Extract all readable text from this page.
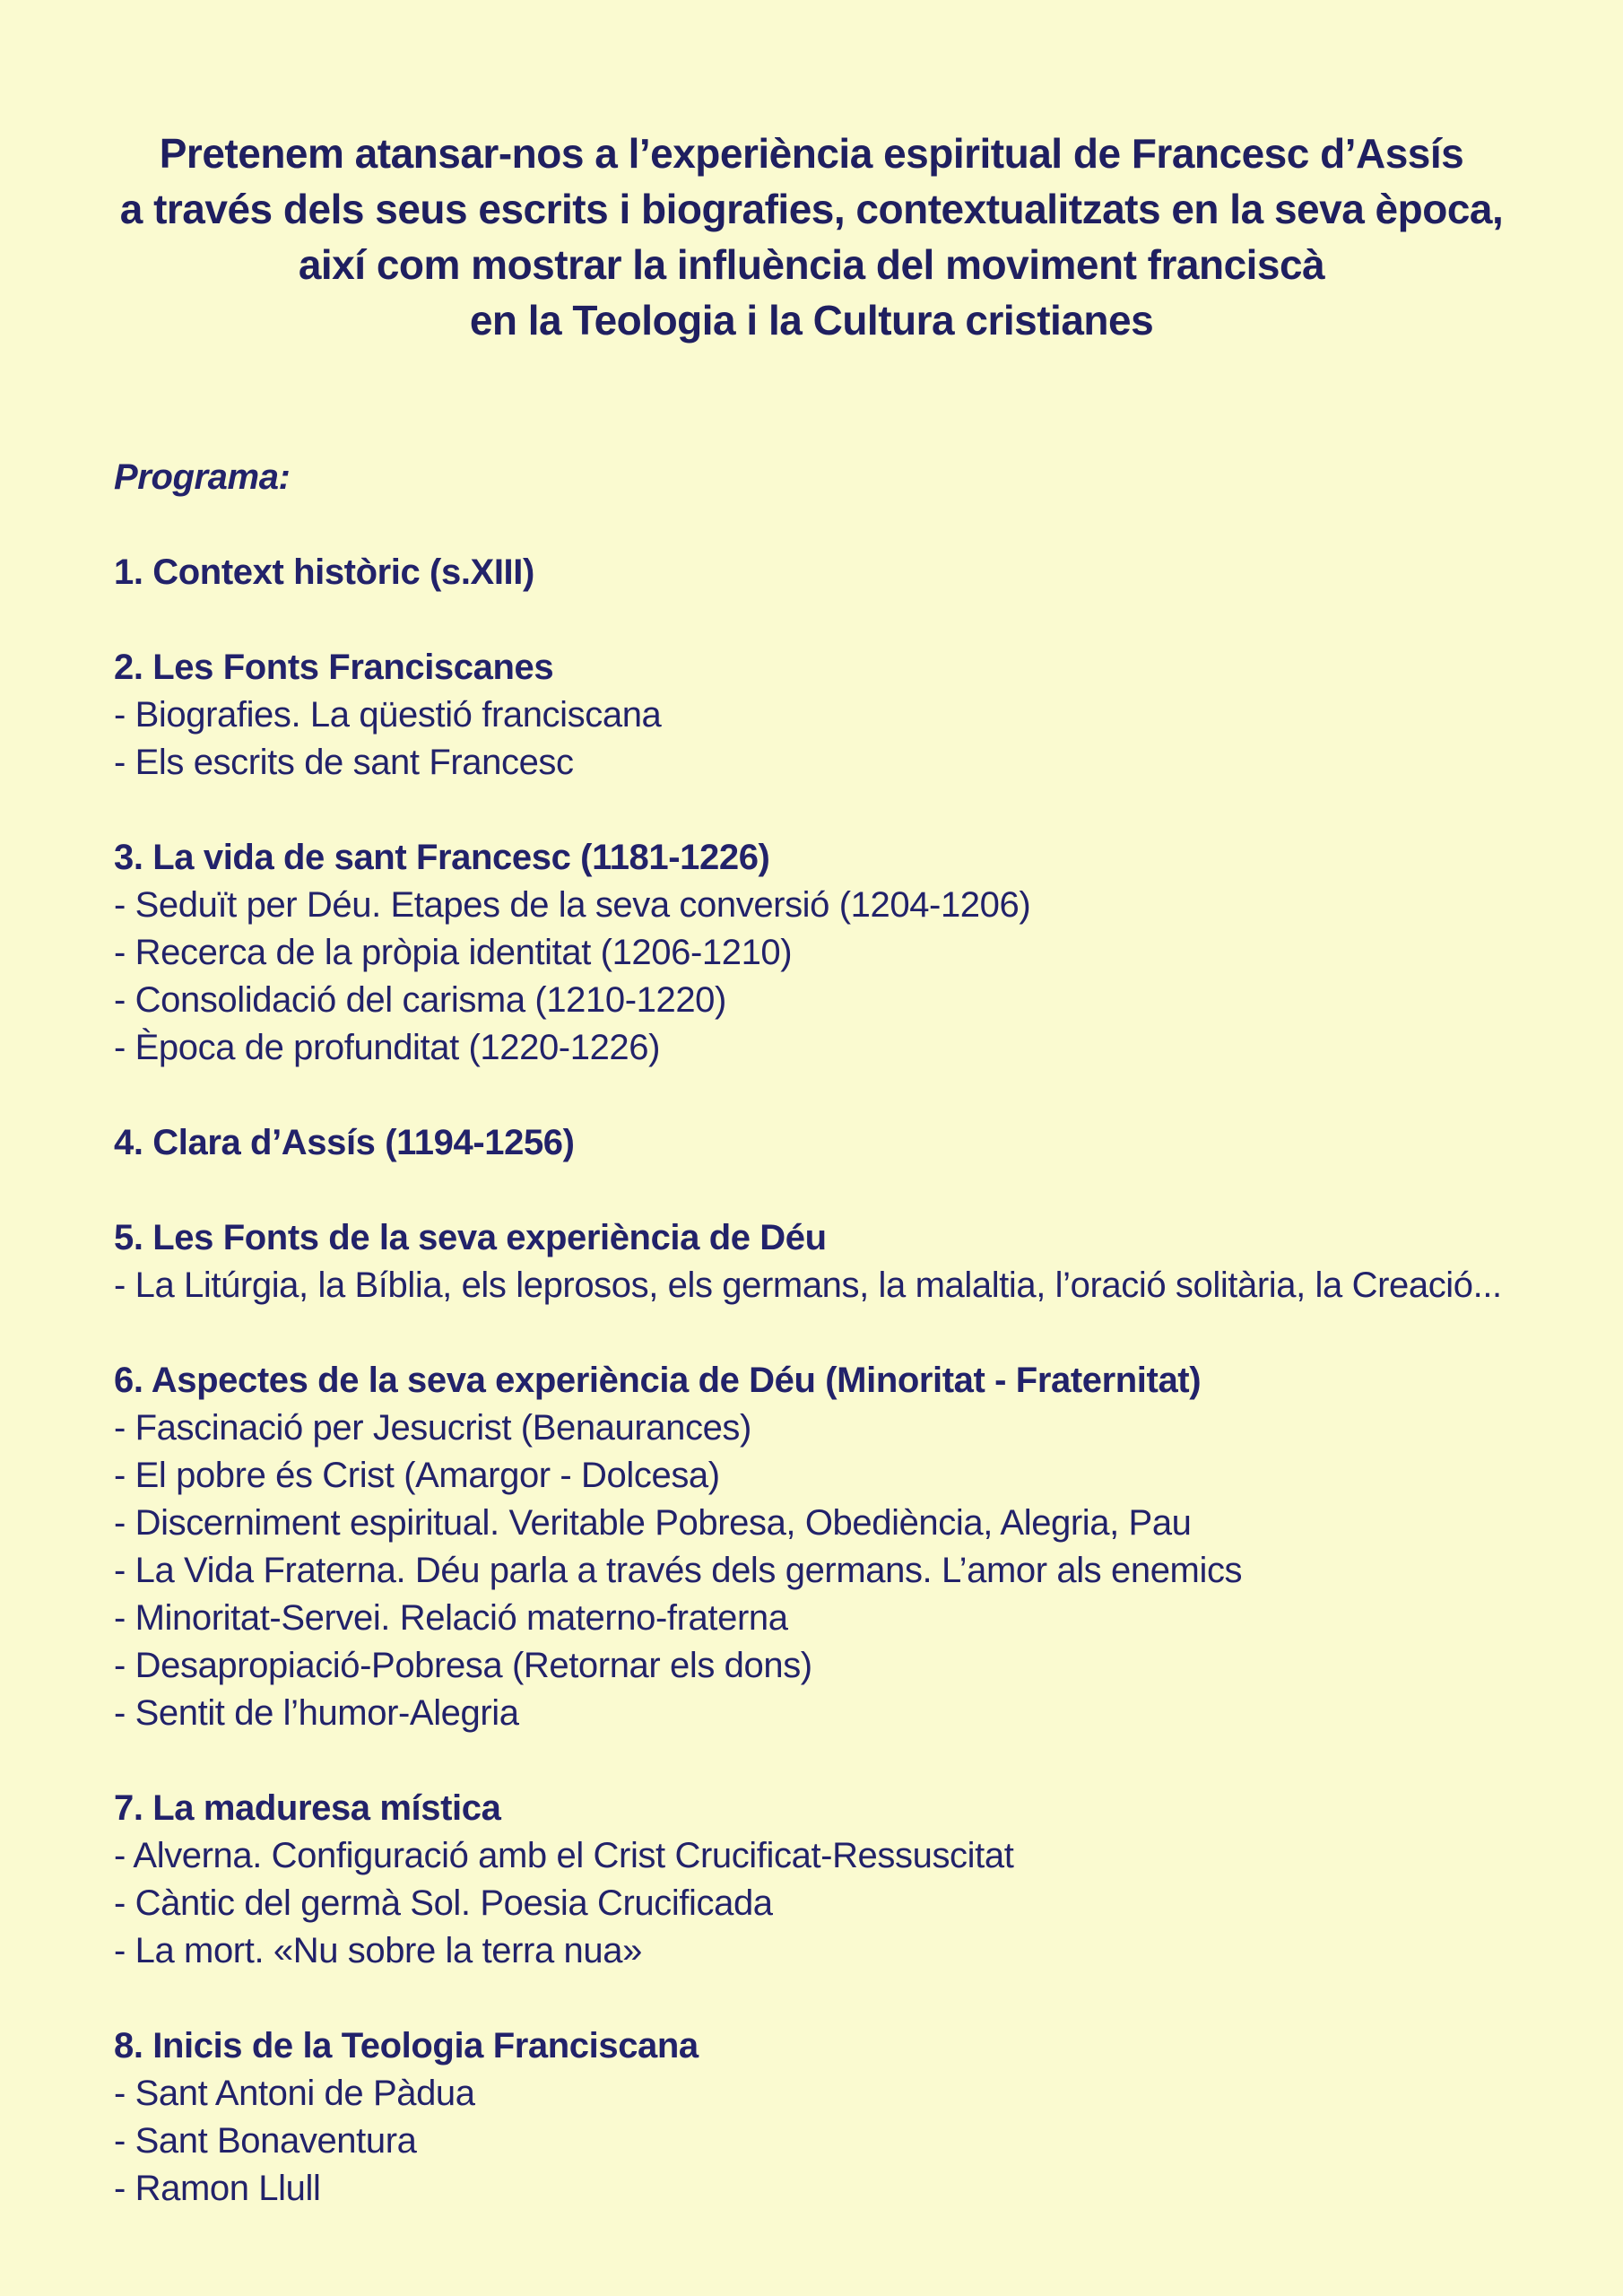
Pretenem atansar-nos a l’experiència espiritual de Francesc d’Assís
a través dels seus escrits i biografies, contextualitzats en la seva època,
així com mostrar la influència del moviment franciscà
en la Teologia i la Cultura cristianes
Programa:
1. Context històric (s.XIII)
2. Les Fonts Franciscanes
- Biografies. La qüestió franciscana
- Els escrits de sant Francesc
3. La vida de sant Francesc (1181-1226)
- Seduït per Déu. Etapes de la seva conversió (1204-1206)
- Recerca de la pròpia identitat (1206-1210)
- Consolidació del carisma (1210-1220)
- Època de profunditat (1220-1226)
4. Clara d’Assís (1194-1256)
5. Les Fonts de la seva experiència de Déu
- La Litúrgia, la Bíblia, els leprosos, els germans, la malaltia, l’oració solitària, la Creació...
6. Aspectes de la seva experiència de Déu (Minoritat - Fraternitat)
- Fascinació per Jesucrist (Benaurances)
- El pobre és Crist (Amargor - Dolcesa)
- Discerniment espiritual. Veritable Pobresa, Obediència, Alegria, Pau
- La Vida Fraterna. Déu parla a través dels germans. L’amor als enemics
- Minoritat-Servei. Relació materno-fraterna
- Desapropiació-Pobresa (Retornar els dons)
- Sentit de l’humor-Alegria
7. La maduresa mística
- Alverna. Configuració amb el Crist Crucificat-Ressuscitat
- Càntic del germà Sol. Poesia Crucificada
- La mort. «Nu sobre la terra nua»
8. Inicis de la Teologia Franciscana
- Sant Antoni de Pàdua
- Sant Bonaventura
- Ramon Llull
